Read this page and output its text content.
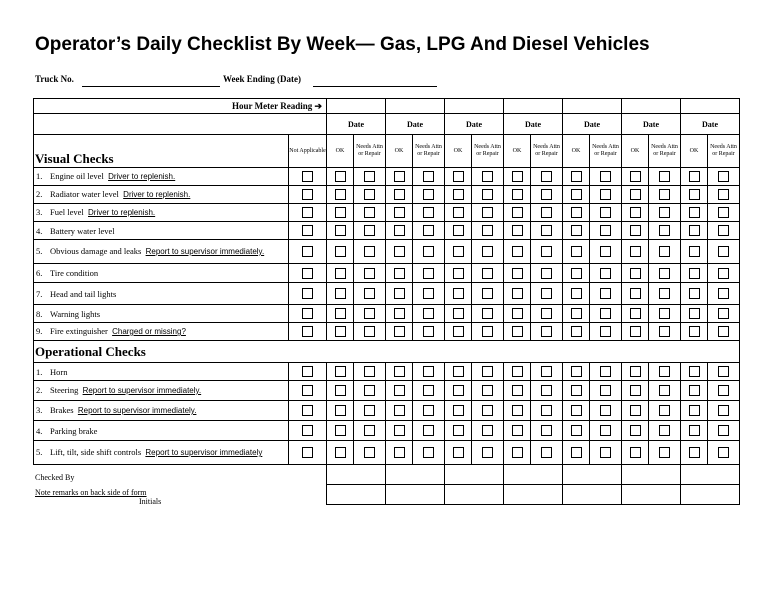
Operator’s Daily Checklist By Week— Gas, LPG And Diesel Vehicles
Truck No.	Week Ending (Date)
Hour Meter Reading ➔															
		Date		Date		Date		Date		Date		Date		Date	
Visual Checks	Not Applicable	OK	Needs Attn or Repair	OK	Needs Attn or Repair	OK	Needs Attn or Repair	OK	Needs Attn or Repair	OK	Needs Attn or Repair	OK	Needs Attn or Repair	OK	Needs Attn or Repair
1. Engine oil level Driver to replenish.															
2. Radiator water level Driver to replenish.															
3. Fuel level Driver to replenish.															
4. Battery water level															
5. Obvious damage and leaks Report to supervisor immediately.															
6. Tire condition															
7. Head and tail lights															
8. Warning lights															
9. Fire extinguisher Charged or missing?															
Operational Checks															
1. Horn															
2. Steering Report to supervisor immediately.															
3. Brakes Report to supervisor immediately.															
4. Parking brake															
5. Lift, tilt, side shift controls Report to supervisor immediately															

Checked By
Note remarks on back side of form
Initials
